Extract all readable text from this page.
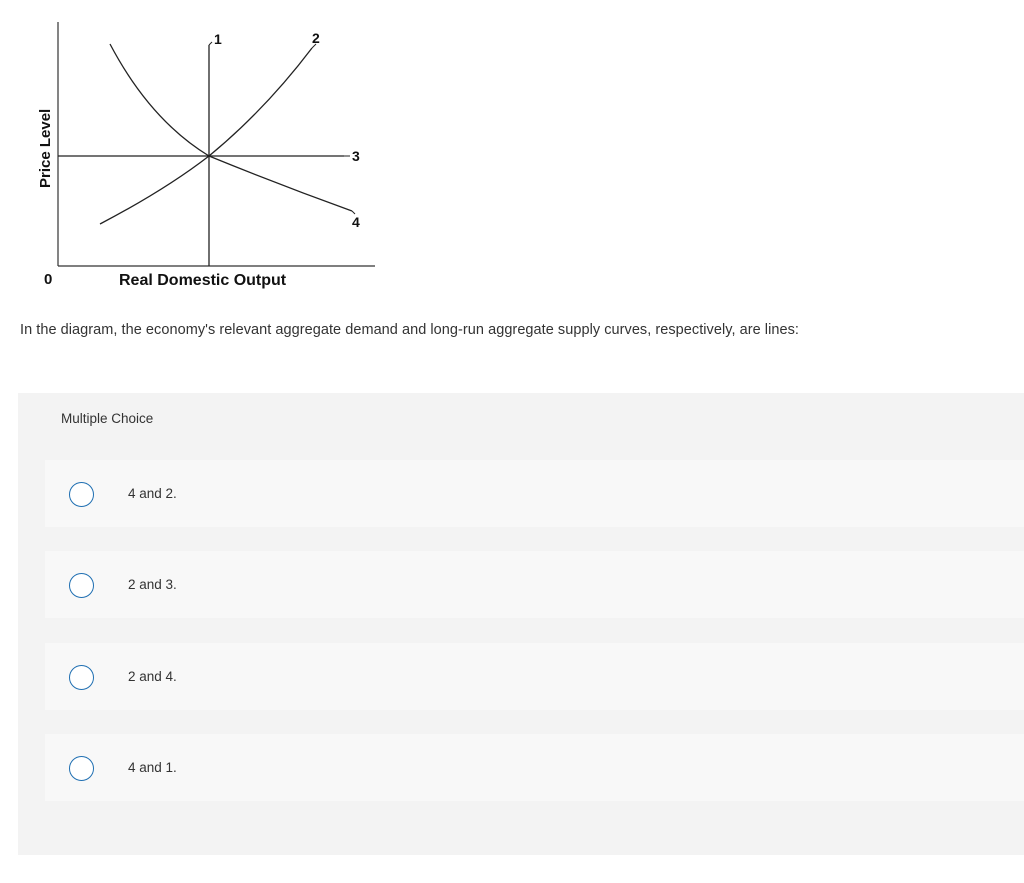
1	2
3
4
0	Real Domestic Output
Price Level
In the diagram, the economy's relevant aggregate demand and long-run aggregate supply curves, respectively, are lines:
Multiple Choice
4 and 2.
2 and 3.
2 and 4.
4 and 1.
